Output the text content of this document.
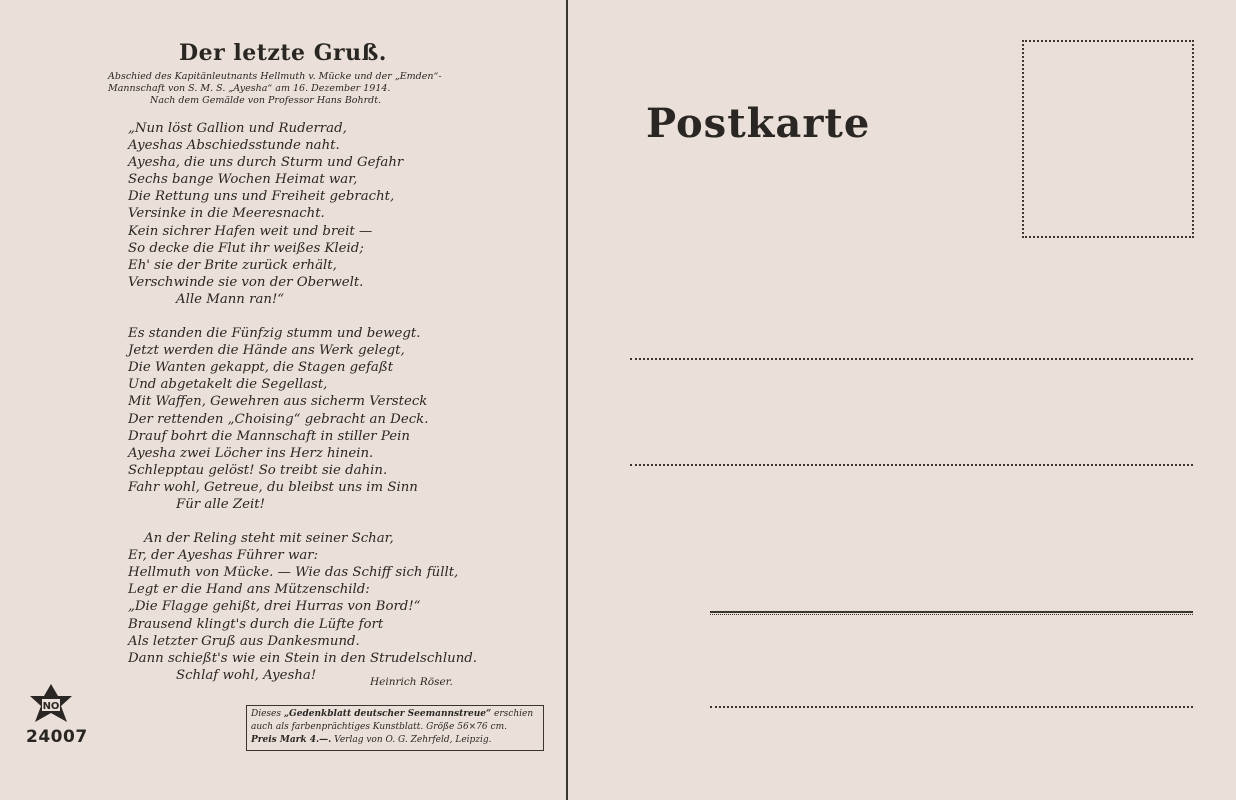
Der letzte Gruß.
Abschied des Kapitänleutnants Hellmuth v. Mücke und der „Emden“-
Mannschaft von S. M. S. „Ayesha“ am 16. Dezember 1914.
Nach dem Gemälde von Professor Hans Bohrdt.
„Nun löst Gallion und Ruderrad,
Ayeshas Abschiedsstunde naht.
Ayesha, die uns durch Sturm und Gefahr
Sechs bange Wochen Heimat war,
Die Rettung uns und Freiheit gebracht,
Versinke in die Meeresnacht.
Kein sichrer Hafen weit und breit —
So decke die Flut ihr weißes Kleid;
Eh' sie der Brite zurück erhält,
Verschwinde sie von der Oberwelt.
Alle Mann ran!“
Es standen die Fünfzig stumm und bewegt.
Jetzt werden die Hände ans Werk gelegt,
Die Wanten gekappt, die Stagen gefaßt
Und abgetakelt die Segellast,
Mit Waffen, Gewehren aus sicherm Versteck
Der rettenden „Choising“ gebracht an Deck.
Drauf bohrt die Mannschaft in stiller Pein
Ayesha zwei Löcher ins Herz hinein.
Schlepptau gelöst! So treibt sie dahin.
Fahr wohl, Getreue, du bleibst uns im Sinn
Für alle Zeit!
An der Reling steht mit seiner Schar,
Er, der Ayeshas Führer war:
Hellmuth von Mücke. — Wie das Schiff sich füllt,
Legt er die Hand ans Mützenschild:
„Die Flagge gehißt, drei Hurras von Bord!“
Brausend klingt's durch die Lüfte fort
Als letzter Gruß aus Dankesmund.
Dann schießt's wie ein Stein in den Strudelschlund.
Schlaf wohl, Ayesha!	Heinrich Röser.
Dieses „Gedenkblatt deutscher Seemannstreue“ erschien
auch als farbenprächtiges Kunstblatt. Größe 56×76 cm.
Preis Mark 4.—. Verlag von O. G. Zehrfeld, Leipzig.
NO
24007
Postkarte
